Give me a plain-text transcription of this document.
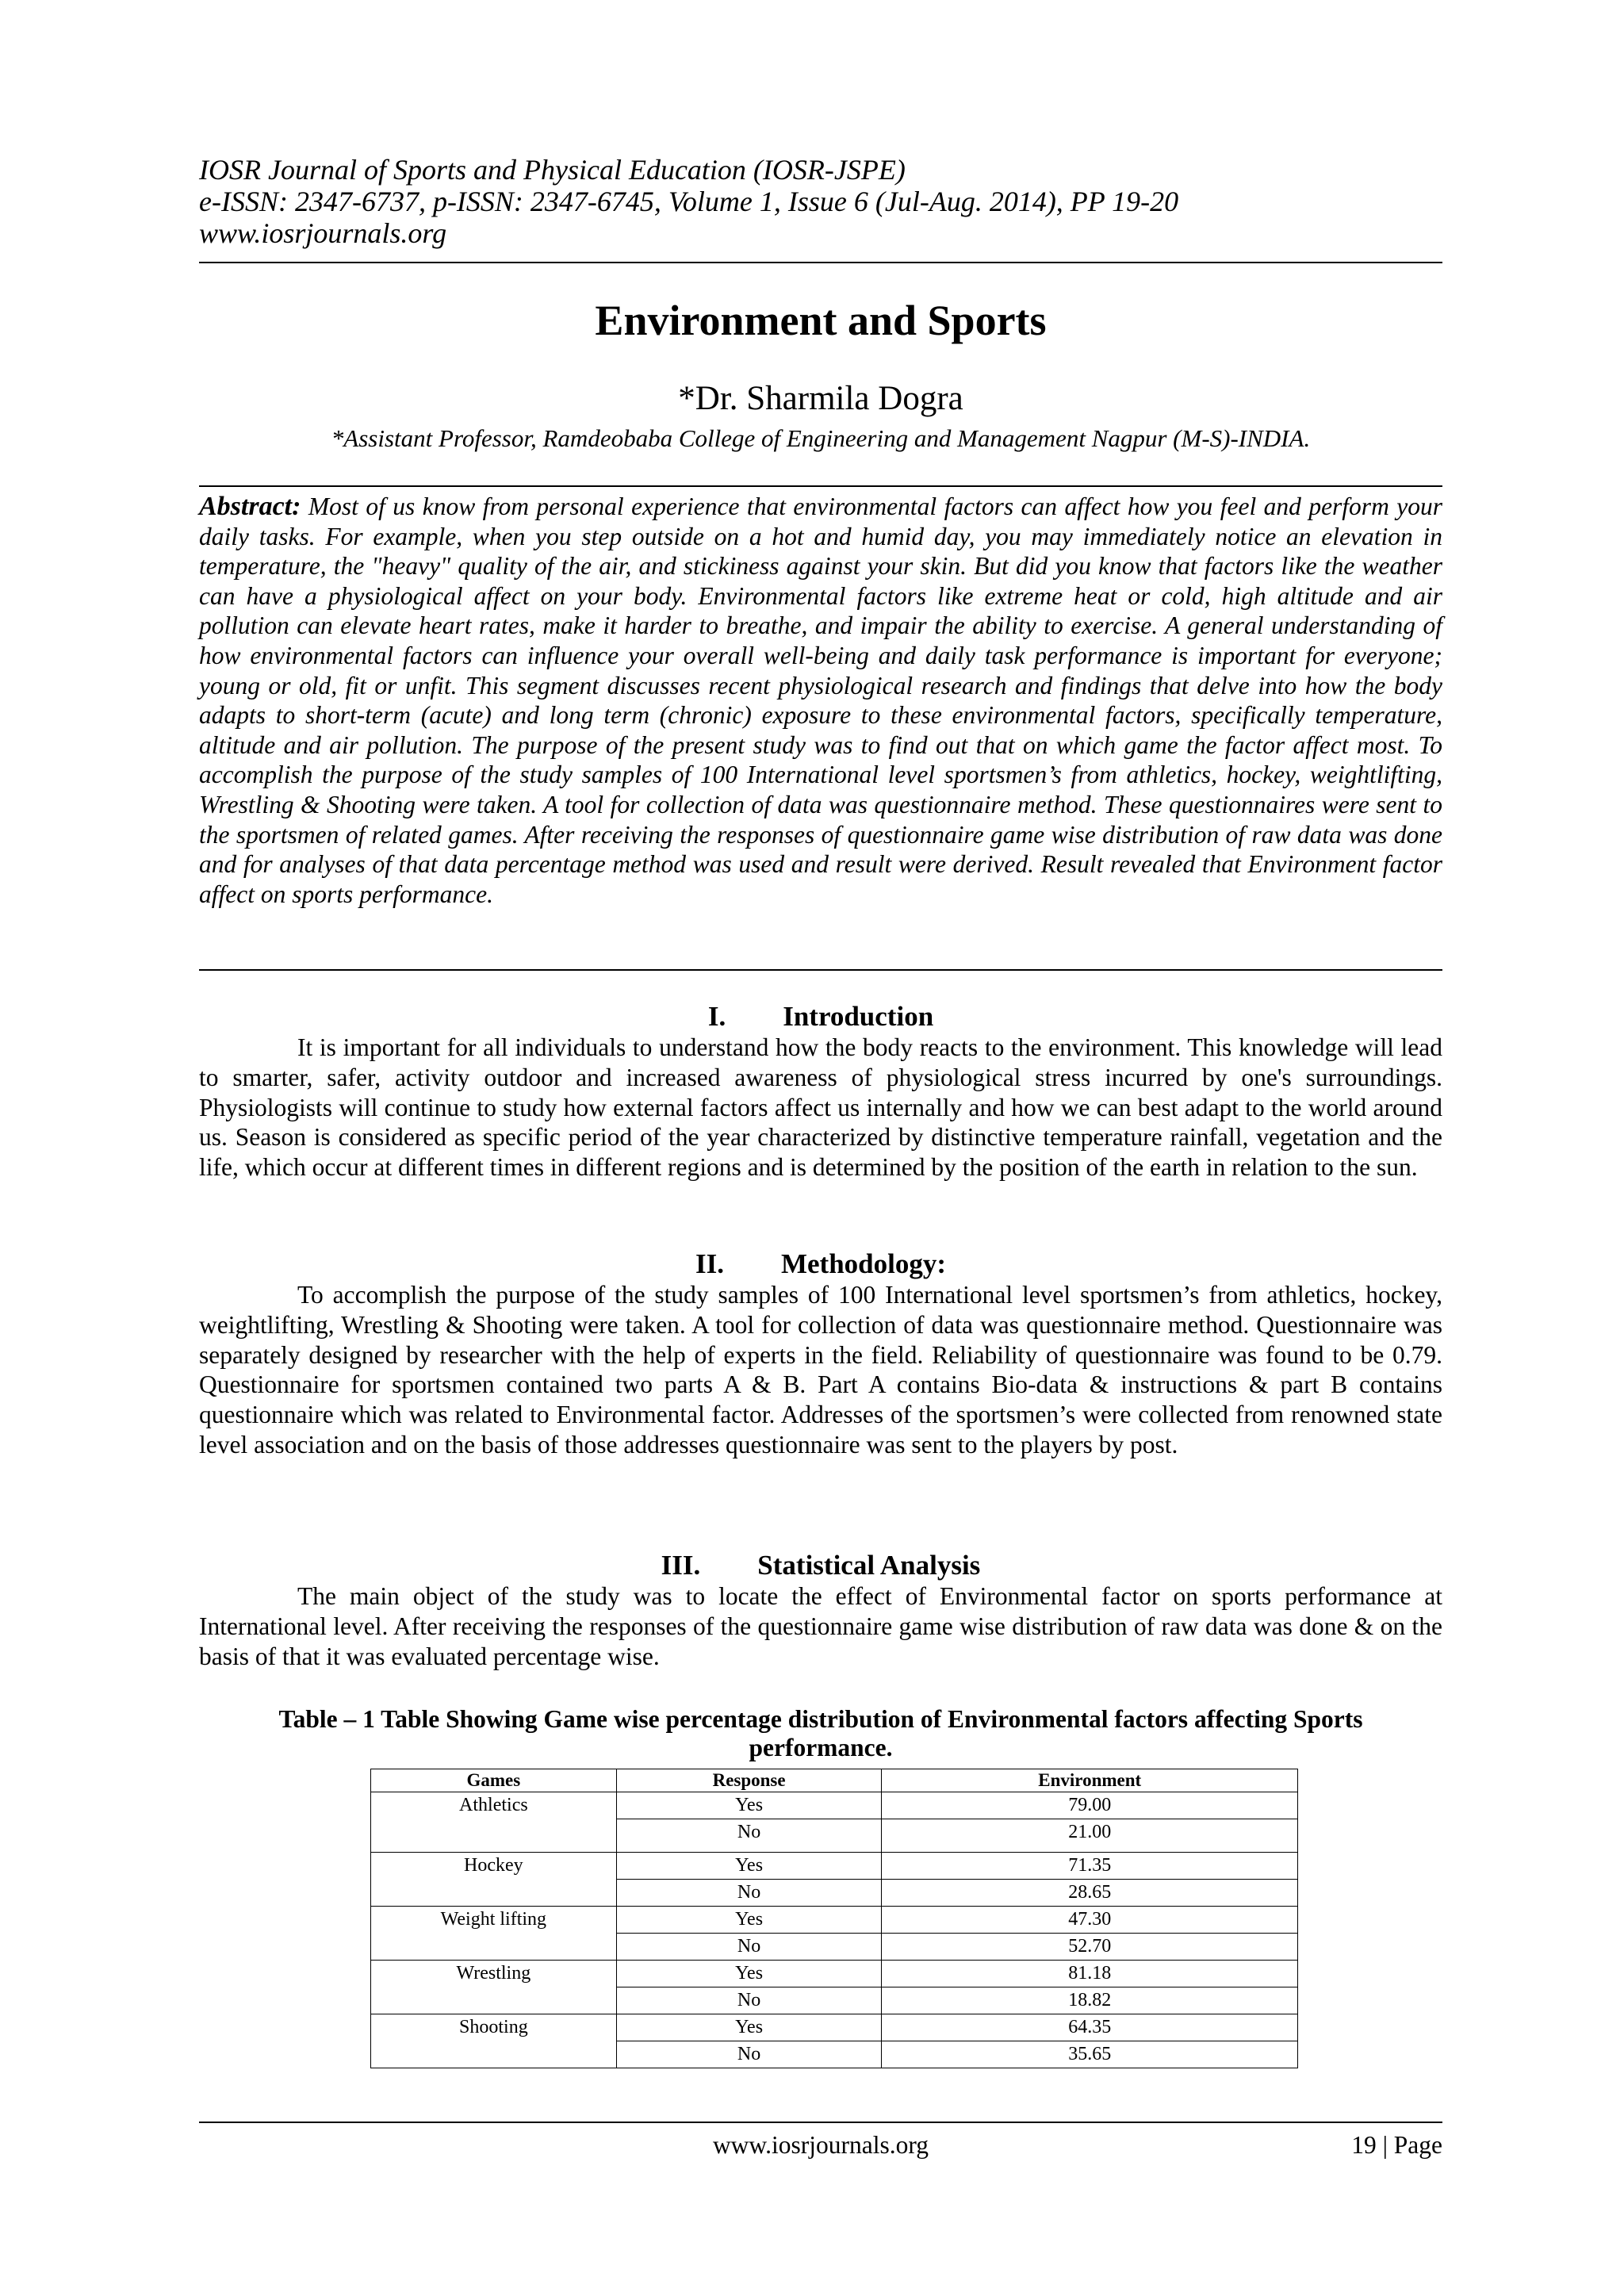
IOSR Journal of Sports and Physical Education (IOSR-JSPE)
e-ISSN: 2347-6737, p-ISSN: 2347-6745, Volume 1, Issue 6 (Jul-Aug. 2014), PP 19-20
www.iosrjournals.org
Environment and Sports
*Dr. Sharmila Dogra
*Assistant Professor, Ramdeobaba College of Engineering and Management Nagpur (M-S)-INDIA.
Abstract: Most of us know from personal experience that environmental factors can affect how you feel and perform your daily tasks. For example, when you step outside on a hot and humid day, you may immediately notice an elevation in temperature, the "heavy" quality of the air, and stickiness against your skin. But did you know that factors like the weather can have a physiological affect on your body. Environmental factors like extreme heat or cold, high altitude and air pollution can elevate heart rates, make it harder to breathe, and impair the ability to exercise. A general understanding of how environmental factors can influence your overall well-being and daily task performance is important for everyone; young or old, fit or unfit. This segment discusses recent physiological research and findings that delve into how the body adapts to short-term (acute) and long term (chronic) exposure to these environmental factors, specifically temperature, altitude and air pollution. The purpose of the present study was to find out that on which game the factor affect most. To accomplish the purpose of the study samples of 100 International level sportsmen’s from athletics, hockey, weightlifting, Wrestling & Shooting were taken. A tool for collection of data was questionnaire method. These questionnaires were sent to the sportsmen of related games. After receiving the responses of questionnaire game wise distribution of raw data was done and for analyses of that data percentage method was used and result were derived. Result revealed that Environment factor affect on sports performance.
I. Introduction
It is important for all individuals to understand how the body reacts to the environment. This knowledge will lead to smarter, safer, activity outdoor and increased awareness of physiological stress incurred by one's surroundings. Physiologists will continue to study how external factors affect us internally and how we can best adapt to the world around us. Season is considered as specific period of the year characterized by distinctive temperature rainfall, vegetation and the life, which occur at different times in different regions and is determined by the position of the earth in relation to the sun.
II. Methodology:
To accomplish the purpose of the study samples of 100 International level sportsmen’s from athletics, hockey, weightlifting, Wrestling & Shooting were taken. A tool for collection of data was questionnaire method. Questionnaire was separately designed by researcher with the help of experts in the field. Reliability of questionnaire was found to be 0.79. Questionnaire for sportsmen contained two parts A & B. Part A contains Bio-data & instructions & part B contains questionnaire which was related to Environmental factor. Addresses of the sportsmen’s were collected from renowned state level association and on the basis of those addresses questionnaire was sent to the players by post.
III. Statistical Analysis
The main object of the study was to locate the effect of Environmental factor on sports performance at International level. After receiving the responses of the questionnaire game wise distribution of raw data was done & on the basis of that it was evaluated percentage wise.
Table – 1 Table Showing Game wise percentage distribution of Environmental factors affecting Sports
performance.
Games	Response	Environment
Athletics	Yes	79.00
	No	21.00
Hockey	Yes	71.35
	No	28.65
Weight lifting	Yes	47.30
	No	52.70
Wrestling	Yes	81.18
	No	18.82
Shooting	Yes	64.35
	No	35.65
www.iosrjournals.org	19 | Page
